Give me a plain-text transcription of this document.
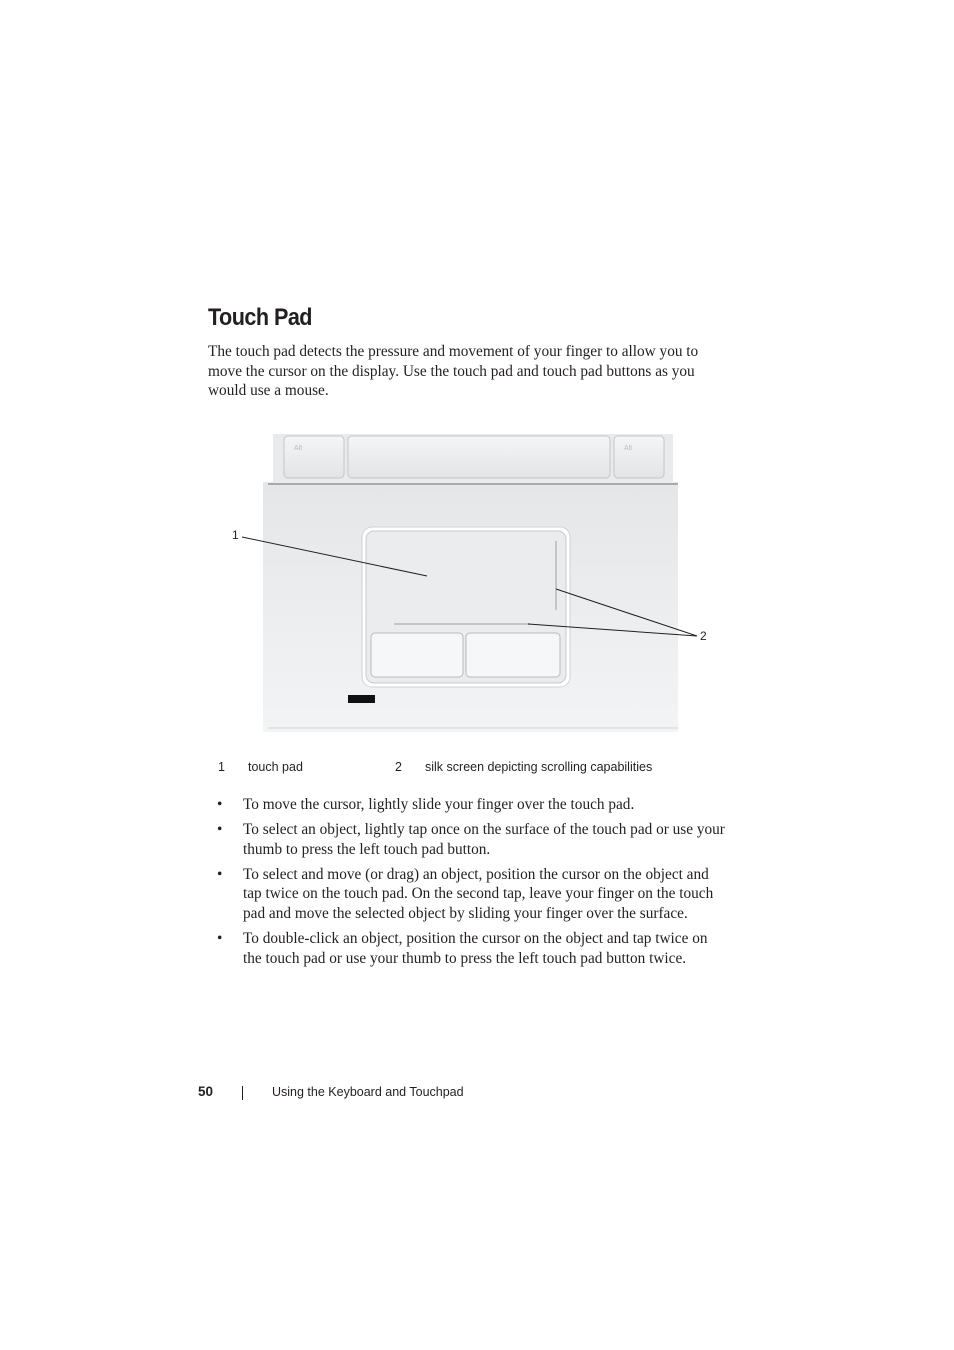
Touch Pad

The touch pad detects the pressure and movement of your finger to allow you to move the cursor on the display. Use the touch pad and touch pad buttons as you would use a mouse.

Alt	Alt
1
2
1 touch pad	2 silk screen depicting scrolling capabilities
• To move the cursor, lightly slide your finger over the touch pad.
• To select an object, lightly tap once on the surface of the touch pad or use your thumb to press the left touch pad button.
• To select and move (or drag) an object, position the cursor on the object and tap twice on the touch pad. On the second tap, leave your finger on the touch pad and move the selected object by sliding your finger over the surface.
• To double-click an object, position the cursor on the object and tap twice on the touch pad or use your thumb to press the left touch pad button twice.
50	Using the Keyboard and Touchpad
